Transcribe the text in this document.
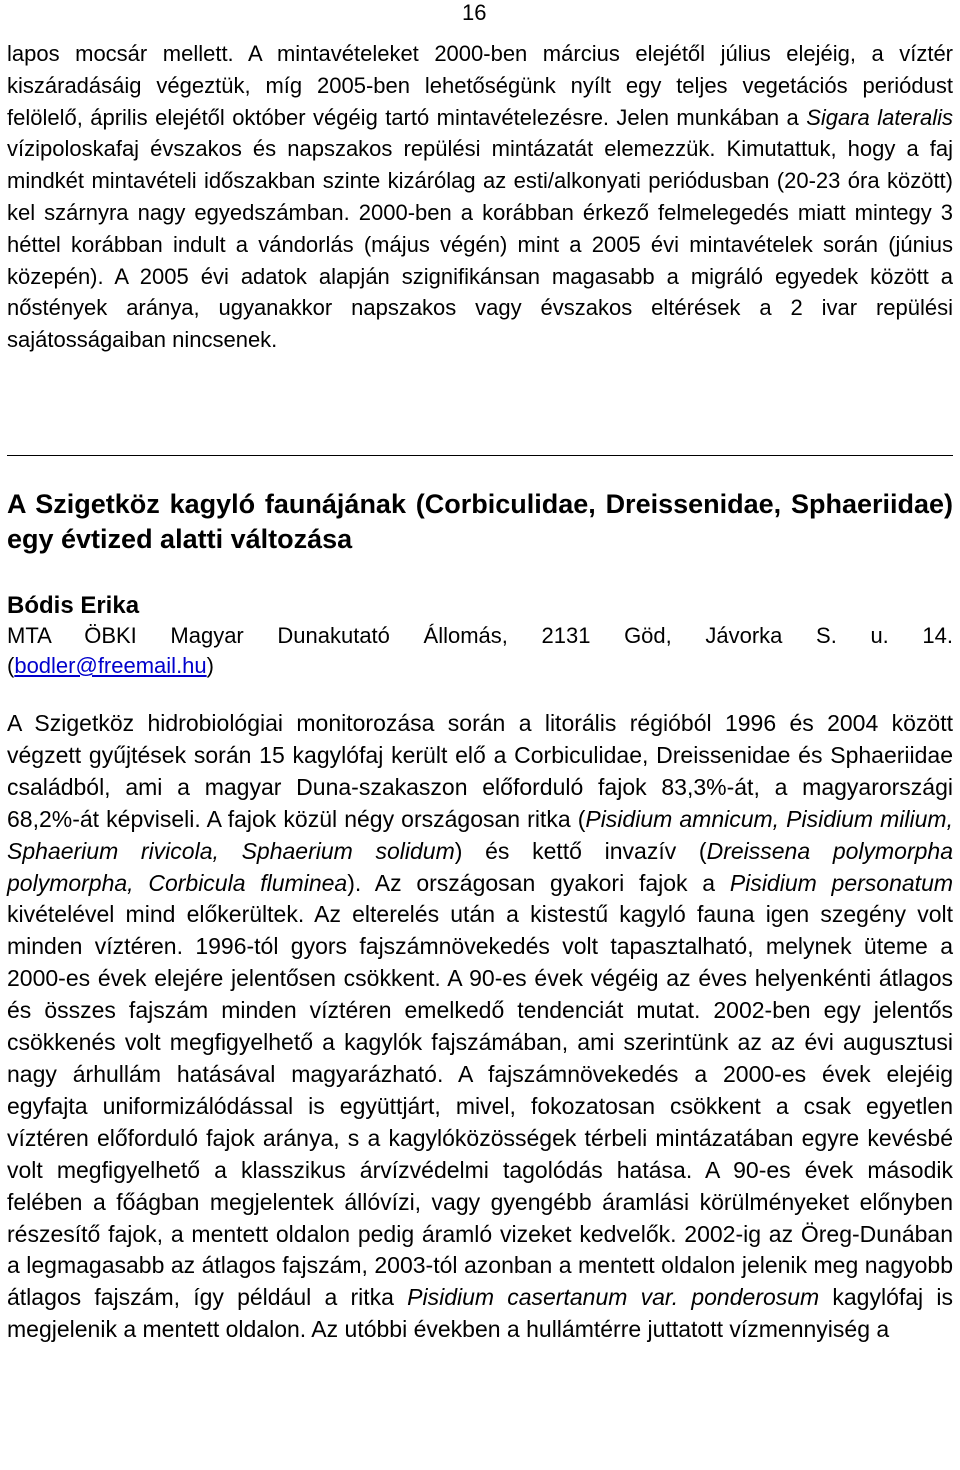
16

lapos mocsár mellett. A mintavételeket 2000-ben március elejétől július elejéig, a víztér kiszáradásáig végeztük, míg 2005-ben lehetőségünk nyílt egy teljes vegetációs periódust felölelő, április elejétől október végéig tartó mintavételezésre. Jelen munkában a Sigara lateralis vízipoloskafaj évszakos és napszakos repülési mintázatát elemezzük. Kimutattuk, hogy a faj mindkét mintavételi időszakban szinte kizárólag az esti/alkonyati periódusban (20-23 óra között) kel szárnyra nagy egyedszámban. 2000-ben a korábban érkező felmelegedés miatt mintegy 3 héttel korábban indult a vándorlás (május végén) mint a 2005 évi mintavételek során (június közepén). A 2005 évi adatok alapján szignifikánsan magasabb a migráló egyedek között a nőstények aránya, ugyanakkor napszakos vagy évszakos eltérések a 2 ivar repülési sajátosságaiban nincsenek.

A Szigetköz kagyló faunájának (Corbiculidae, Dreissenidae, Sphaeriidae) egy évtized alatti változása

Bódis Erika

MTA ÖBKI Magyar Dunakutató Állomás, 2131 Göd, Jávorka S. u. 14.

(bodler@freemail.hu)

A Szigetköz hidrobiológiai monitorozása során a litorális régióból 1996 és 2004 között végzett gyűjtések során 15 kagylófaj került elő a Corbiculidae, Dreissenidae és Sphaeriidae családból, ami a magyar Duna-szakaszon előforduló fajok 83,3%-át, a magyarországi 68,2%-át képviseli. A fajok közül négy országosan ritka (Pisidium amnicum, Pisidium milium, Sphaerium rivicola, Sphaerium solidum) és kettő invazív (Dreissena polymorpha polymorpha, Corbicula fluminea). Az országosan gyakori fajok a Pisidium personatum kivételével mind előkerültek. Az elterelés után a kistestű kagyló fauna igen szegény volt minden víztéren. 1996-tól gyors fajszámnövekedés volt tapasztalható, melynek üteme a 2000-es évek elejére jelentősen csökkent. A 90-es évek végéig az éves helyenkénti átlagos és összes fajszám minden víztéren emelkedő tendenciát mutat. 2002-ben egy jelentős csökkenés volt megfigyelhető a kagylók fajszámában, ami szerintünk az az évi augusztusi nagy árhullám hatásával magyarázható. A fajszámnövekedés a 2000-es évek elejéig egyfajta uniformizálódással is együttjárt, mivel, fokozatosan csökkent a csak egyetlen víztéren előforduló fajok aránya, s a kagylóközösségek térbeli mintázatában egyre kevésbé volt megfigyelhető a klasszikus árvízvédelmi tagolódás hatása. A 90-es évek második felében a főágban megjelentek állóvízi, vagy gyengébb áramlási körülményeket előnyben részesítő fajok, a mentett oldalon pedig áramló vizeket kedvelők. 2002-ig az Öreg-Dunában a legmagasabb az átlagos fajszám, 2003-tól azonban a mentett oldalon jelenik meg nagyobb átlagos fajszám, így például a ritka Pisidium casertanum var. ponderosum kagylófaj is megjelenik a mentett oldalon. Az utóbbi években a hullámtérre juttatott vízmennyiség a
